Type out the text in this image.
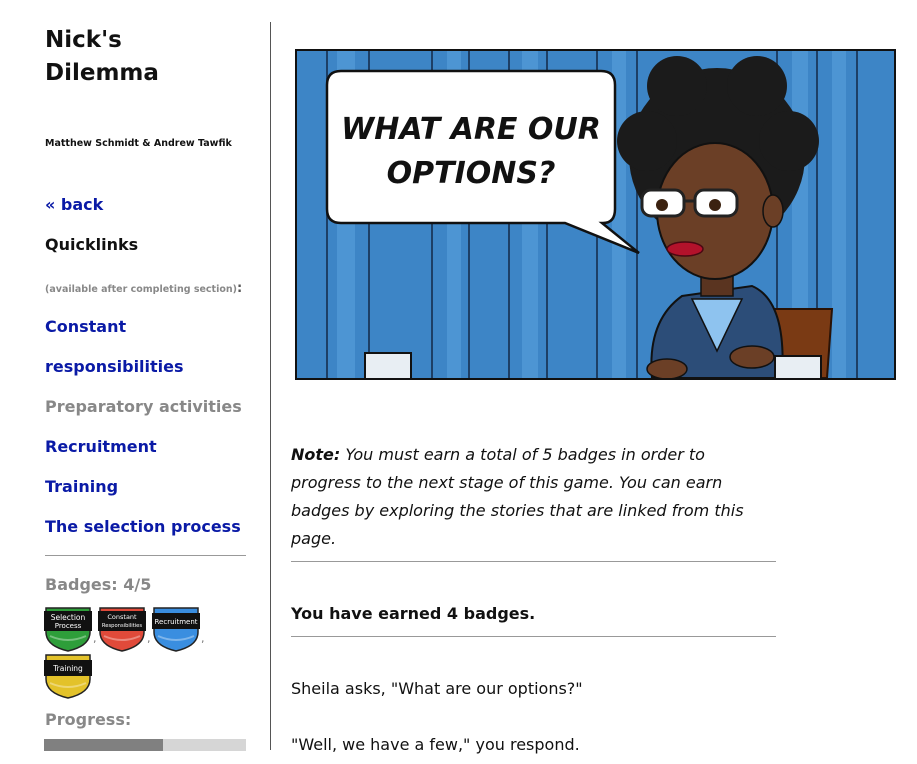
Nick's
Dilemma
Matthew Schmidt & Andrew Tawfik
« back
Quicklinks
(available after completing section):
Constant
responsibilities
Preparatory activities
Recruitment
Training
The selection process
Badges: 4/5
Selection
Process
,
Constant
Responsibilities
,
Recruitment
,
Training
Progress:
WHAT ARE OUR
OPTIONS?

Note: You must earn a total of 5 badges in order to progress to the next stage of this game. You can earn badges by exploring the stories that are linked from this page.

You have earned 4 badges.
Sheila asks, "What are our options?"
"Well, we have a few," you respond.
